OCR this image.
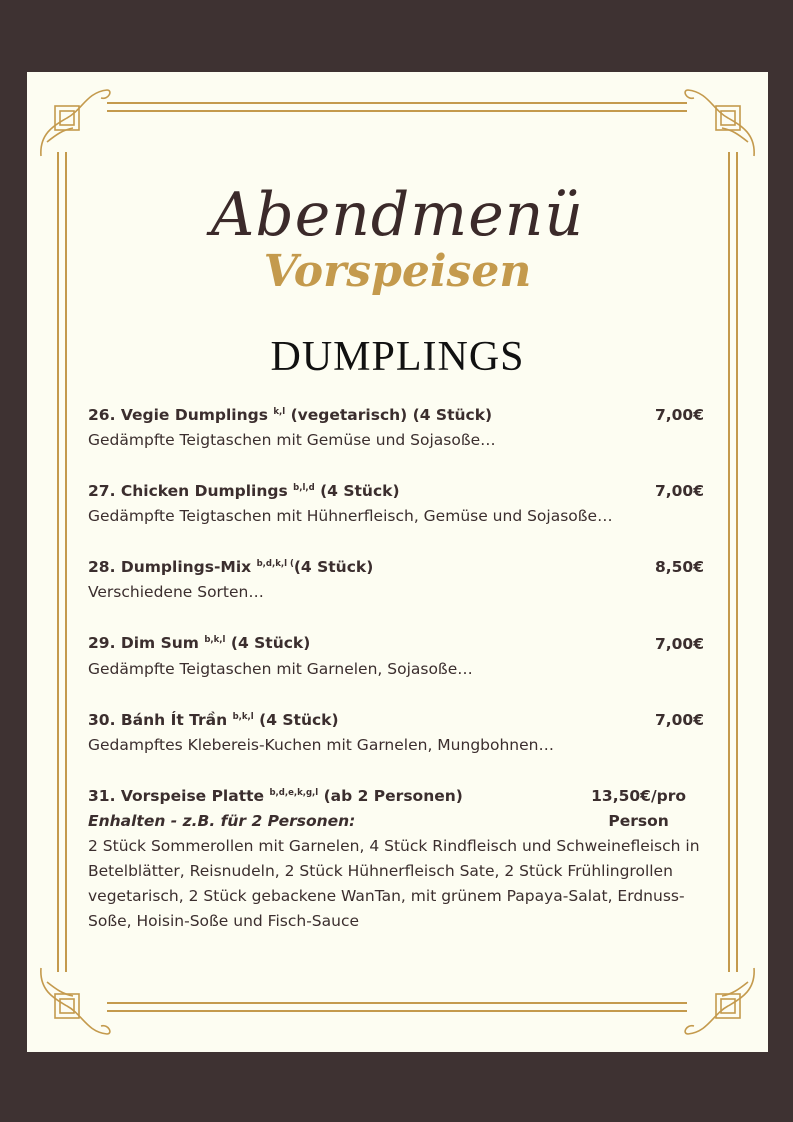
Abendmenü
Vorspeisen
DUMPLINGS
26. Vegie Dumplings $^{k,l}$ (vegetarisch) (4 Stück)	7,00€
Gedämpfte Teigtaschen mit Gemüse und Sojasoße…
27. Chicken Dumplings $^{b,l,d}$ (4 Stück)	7,00€
Gedämpfte Teigtaschen mit Hühnerfleisch, Gemüse und Sojasoße…
28. Dumplings-Mix $^{b,d,k,l (}$(4 Stück)	8,50€
Verschiedene Sorten…
29. Dim Sum $^{b,k,l}$ (4 Stück)	7,00€
Gedämpfte Teigtaschen mit Garnelen, Sojasoße…
30. Bánh Ít Trần $^{b,k,l}$ (4 Stück)	7,00€
Gedampftes Klebereis-Kuchen mit Garnelen, Mungbohnen…
31. Vorspeise Platte $^{b,d,e,k,g,l}$ (ab 2 Personen)
Enhalten - z.B. für 2 Personen:
13,50€/pro
Person
2 Stück Sommerollen mit Garnelen, 4 Stück Rindfleisch und Schweinefleisch in Betelblätter, Reisnudeln, 2 Stück Hühnerfleisch Sate, 2 Stück Frühlingrollen vegetarisch, 2 Stück gebackene WanTan, mit grünem Papaya-Salat, Erdnuss-Soße, Hoisin-Soße und Fisch-Sauce
